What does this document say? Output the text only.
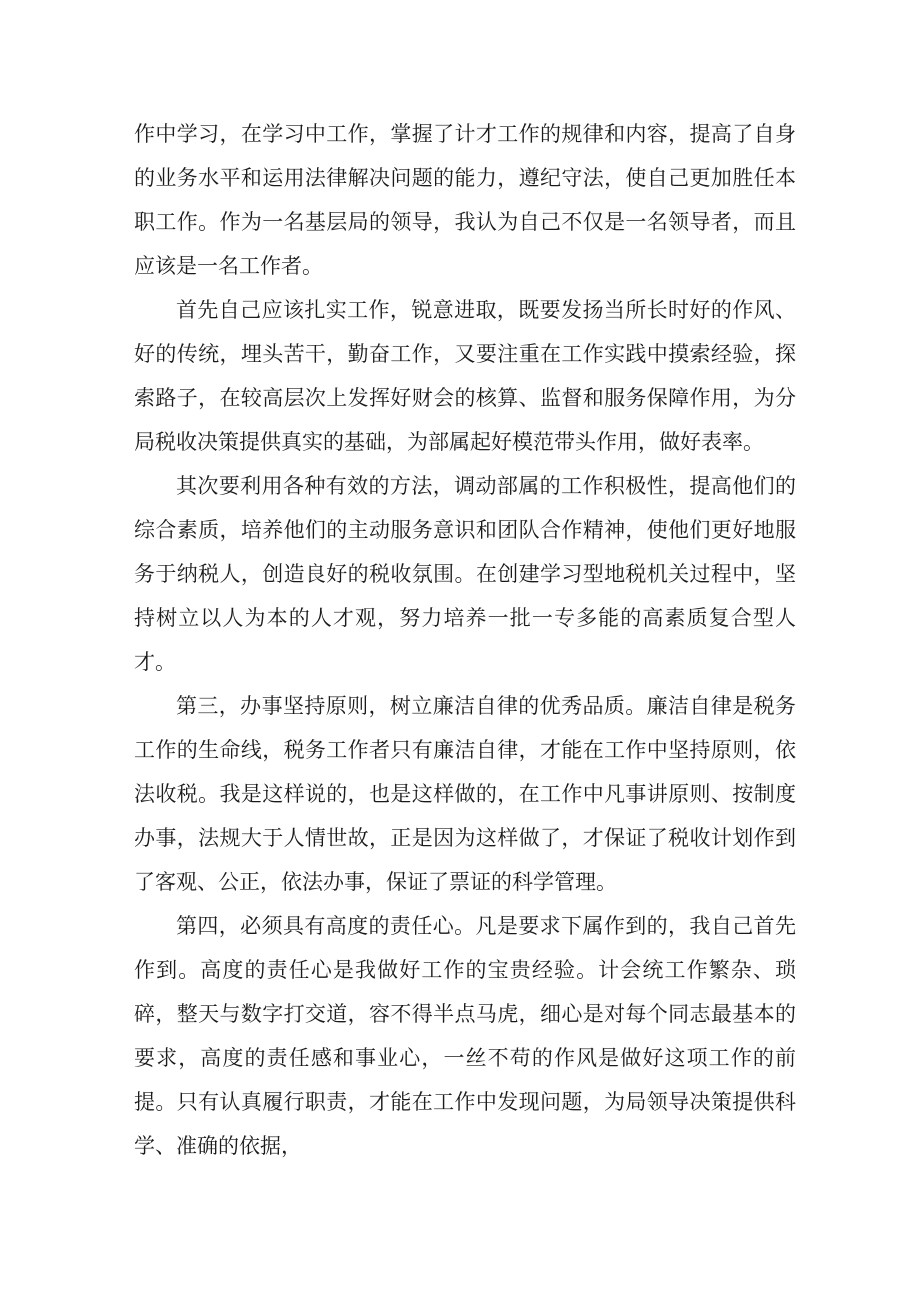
作中学习，在学习中工作，掌握了计才工作的规律和内容，提高了自身的业务水平和运用法律解决问题的能力，遵纪守法，使自己更加胜任本职工作。作为一名基层局的领导，我认为自己不仅是一名领导者，而且应该是一名工作者。

首先自己应该扎实工作，锐意进取，既要发扬当所长时好的作风、好的传统，埋头苦干，勤奋工作，又要注重在工作实践中摸索经验，探索路子，在较高层次上发挥好财会的核算、监督和服务保障作用，为分局税收决策提供真实的基础，为部属起好模范带头作用，做好表率。

其次要利用各种有效的方法，调动部属的工作积极性，提高他们的综合素质，培养他们的主动服务意识和团队合作精神，使他们更好地服务于纳税人，创造良好的税收氛围。在创建学习型地税机关过程中，坚持树立以人为本的人才观，努力培养一批一专多能的高素质复合型人才。

第三，办事坚持原则，树立廉洁自律的优秀品质。廉洁自律是税务工作的生命线，税务工作者只有廉洁自律，才能在工作中坚持原则，依法收税。我是这样说的，也是这样做的，在工作中凡事讲原则、按制度办事，法规大于人情世故，正是因为这样做了，才保证了税收计划作到了客观、公正，依法办事，保证了票证的科学管理。

第四，必须具有高度的责任心。凡是要求下属作到的，我自己首先作到。高度的责任心是我做好工作的宝贵经验。计会统工作繁杂、琐碎，整天与数字打交道，容不得半点马虎，细心是对每个同志最基本的要求，高度的责任感和事业心，一丝不苟的作风是做好这项工作的前提。只有认真履行职责，才能在工作中发现问题，为局领导决策提供科学、准确的依据，
